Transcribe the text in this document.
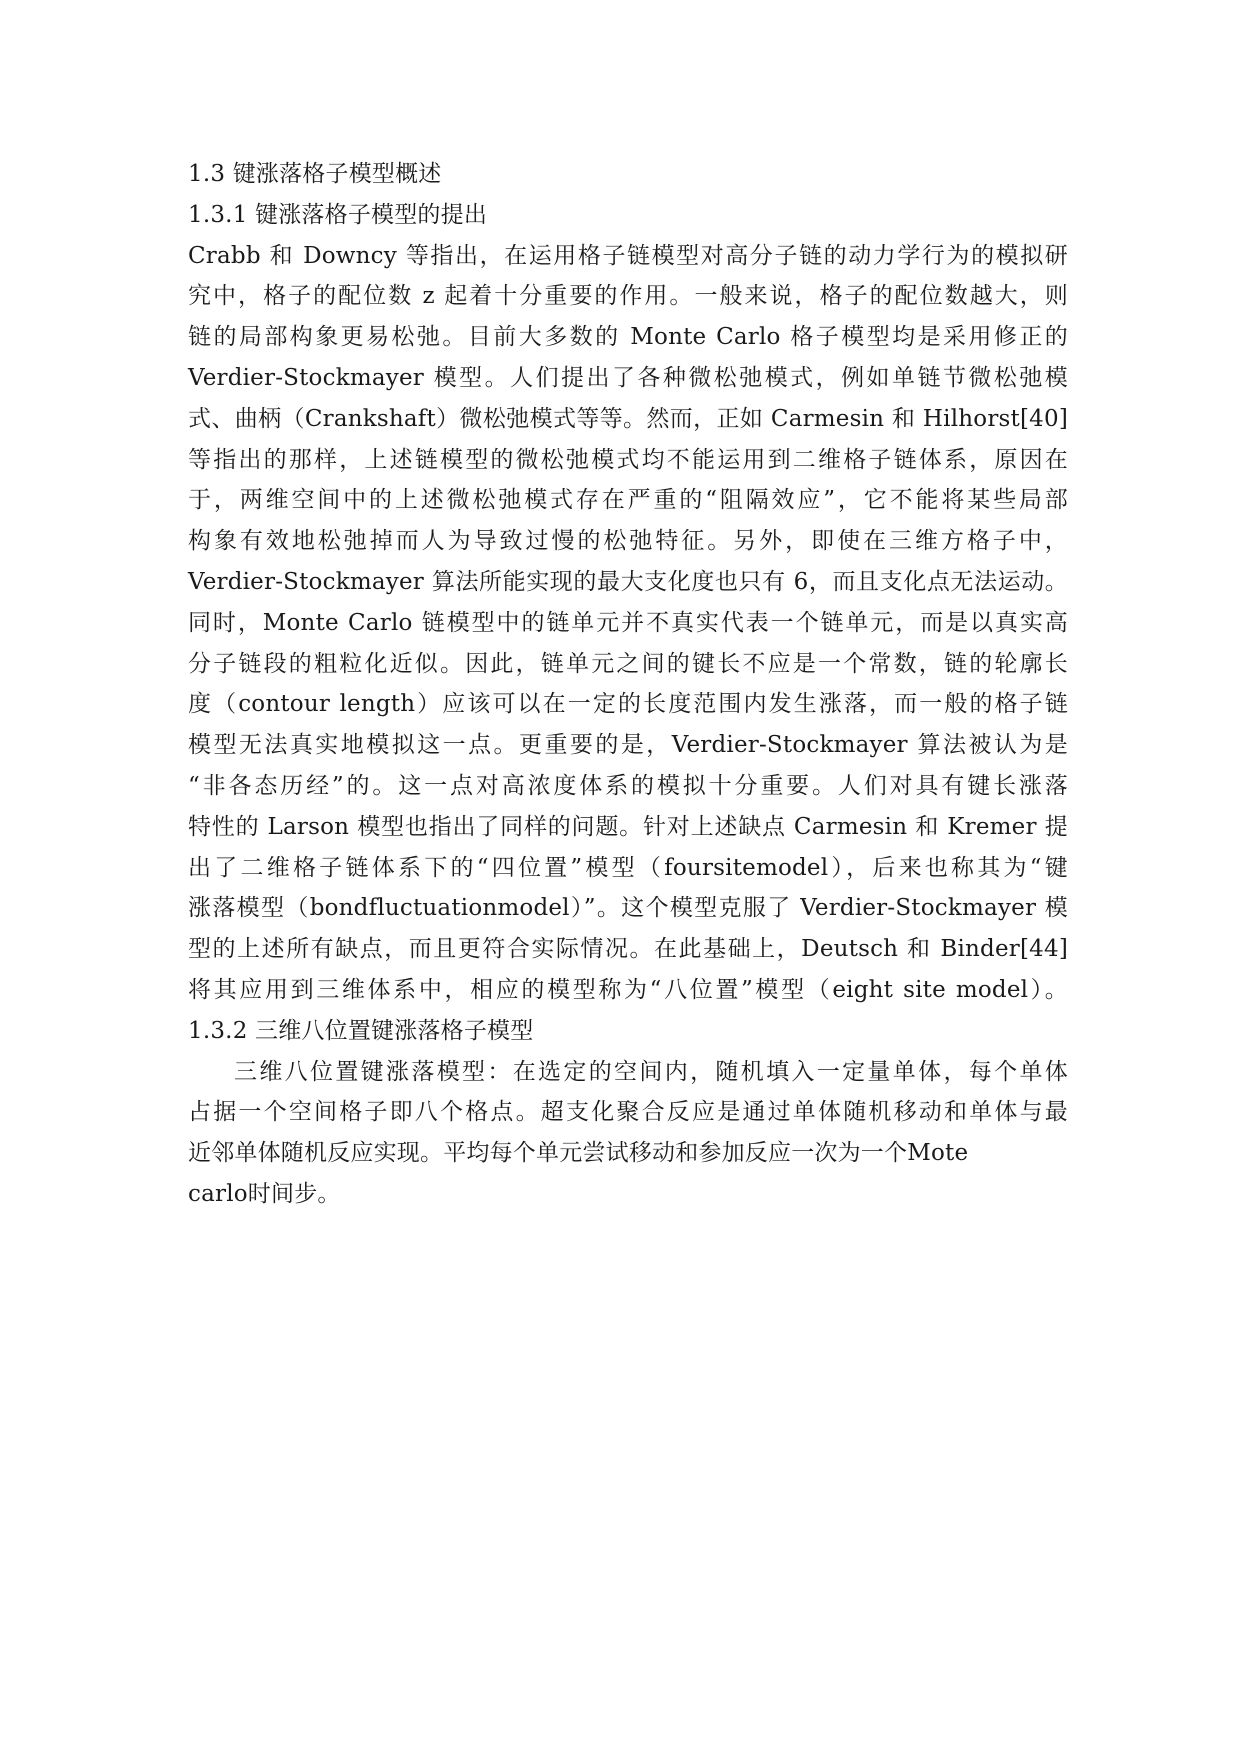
1.3 键涨落格子模型概述
1.3.1 键涨落格子模型的提出
Crabb 和 Downcy 等指出，在运用格子链模型对高分子链的动力学行为的模拟研
究中，格子的配位数 z 起着十分重要的作用。一般来说，格子的配位数越大，则
链的局部构象更易松弛。目前大多数的 Monte Carlo 格子模型均是采用修正的
Verdier-Stockmayer 模型。人们提出了各种微松弛模式，例如单链节微松弛模
式、曲柄（Crankshaft）微松弛模式等等。然而，正如 Carmesin 和 Hilhorst[40]
等指出的那样，上述链模型的微松弛模式均不能运用到二维格子链体系，原因在
于，两维空间中的上述微松弛模式存在严重的“阻隔效应”，它不能将某些局部
构象有效地松弛掉而人为导致过慢的松弛特征。另外，即使在三维方格子中，
Verdier-Stockmayer 算法所能实现的最大支化度也只有 6，而且支化点无法运动。
同时，Monte Carlo 链模型中的链单元并不真实代表一个链单元，而是以真实高
分子链段的粗粒化近似。因此，链单元之间的键长不应是一个常数，链的轮廓长
度（contour length）应该可以在一定的长度范围内发生涨落，而一般的格子链
模型无法真实地模拟这一点。更重要的是，Verdier-Stockmayer 算法被认为是
“非各态历经”的。这一点对高浓度体系的模拟十分重要。人们对具有键长涨落
特性的 Larson 模型也指出了同样的问题。针对上述缺点 Carmesin 和 Kremer 提
出了二维格子链体系下的“四位置”模型（foursitemodel），后来也称其为“键
涨落模型（bondfluctuationmodel）”。这个模型克服了 Verdier-Stockmayer 模
型的上述所有缺点，而且更符合实际情况。在此基础上，Deutsch 和 Binder[44]
将其应用到三维体系中，相应的模型称为“八位置”模型（eight site model）。
1.3.2 三维八位置键涨落格子模型
三维八位置键涨落模型：在选定的空间内，随机填入一定量单体，每个单体
占据一个空间格子即八个格点。超支化聚合反应是通过单体随机移动和单体与最
近邻单体随机反应实现。平均每个单元尝试移动和参加反应一次为一个Mote
carlo时间步。
